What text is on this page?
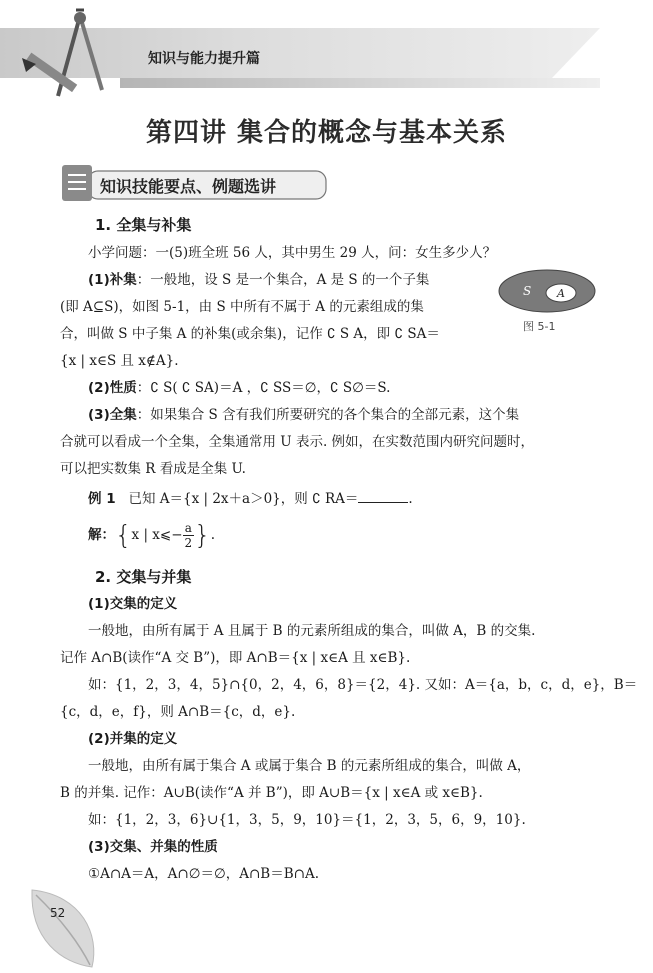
知识与能力提升篇
第四讲 集合的概念与基本关系
知识技能要点、例题选讲
S A
图 5-1
1. 全集与补集
小学问题：一(5)班全班 56 人，其中男生 29 人，问：女生多少人？
(1)补集：一般地，设 S 是一个集合，A 是 S 的一个子集
(即 A⊆S)，如图 5-1，由 S 中所有不属于 A 的元素组成的集
合，叫做 S 中子集 A 的补集(或余集)，记作 ∁ S A，即 ∁ SA＝
{x | x∈S 且 x∉A}.
(2)性质：∁ S( ∁ SA)＝A ，∁ SS＝∅，∁ S∅＝S.
(3)全集：如果集合 S 含有我们所要研究的各个集合的全部元素，这个集
合就可以看成一个全集，全集通常用 U 表示. 例如，在实数范围内研究问题时，
可以把实数集 R 看成是全集 U.
例 1 已知 A＝{x | 2x＋a＞0}，则 ∁ RA＝	.
解：{x | x⩽− $\frac{a}{2}$ }.
2. 交集与并集
(1)交集的定义
一般地，由所有属于 A 且属于 B 的元素所组成的集合，叫做 A，B 的交集.
记作 A∩B(读作“A 交 B”)，即 A∩B＝{x | x∈A 且 x∈B}.
如：{1，2，3，4，5}∩{0，2，4，6，8}＝{2，4}. 又如：A＝{a，b，c，d，e}，B＝
{c，d，e，f}，则 A∩B＝{c，d，e}.
(2)并集的定义
一般地，由所有属于集合 A 或属于集合 B 的元素所组成的集合，叫做 A，
B 的并集. 记作：A∪B(读作“A 并 B”)，即 A∪B＝{x | x∈A 或 x∈B}.
如：{1，2，3，6}∪{1，3，5，9，10}＝{1，2，3，5，6，9，10}.
(3)交集、并集的性质
①A∩A＝A，A∩∅＝∅，A∩B＝B∩A.
52
